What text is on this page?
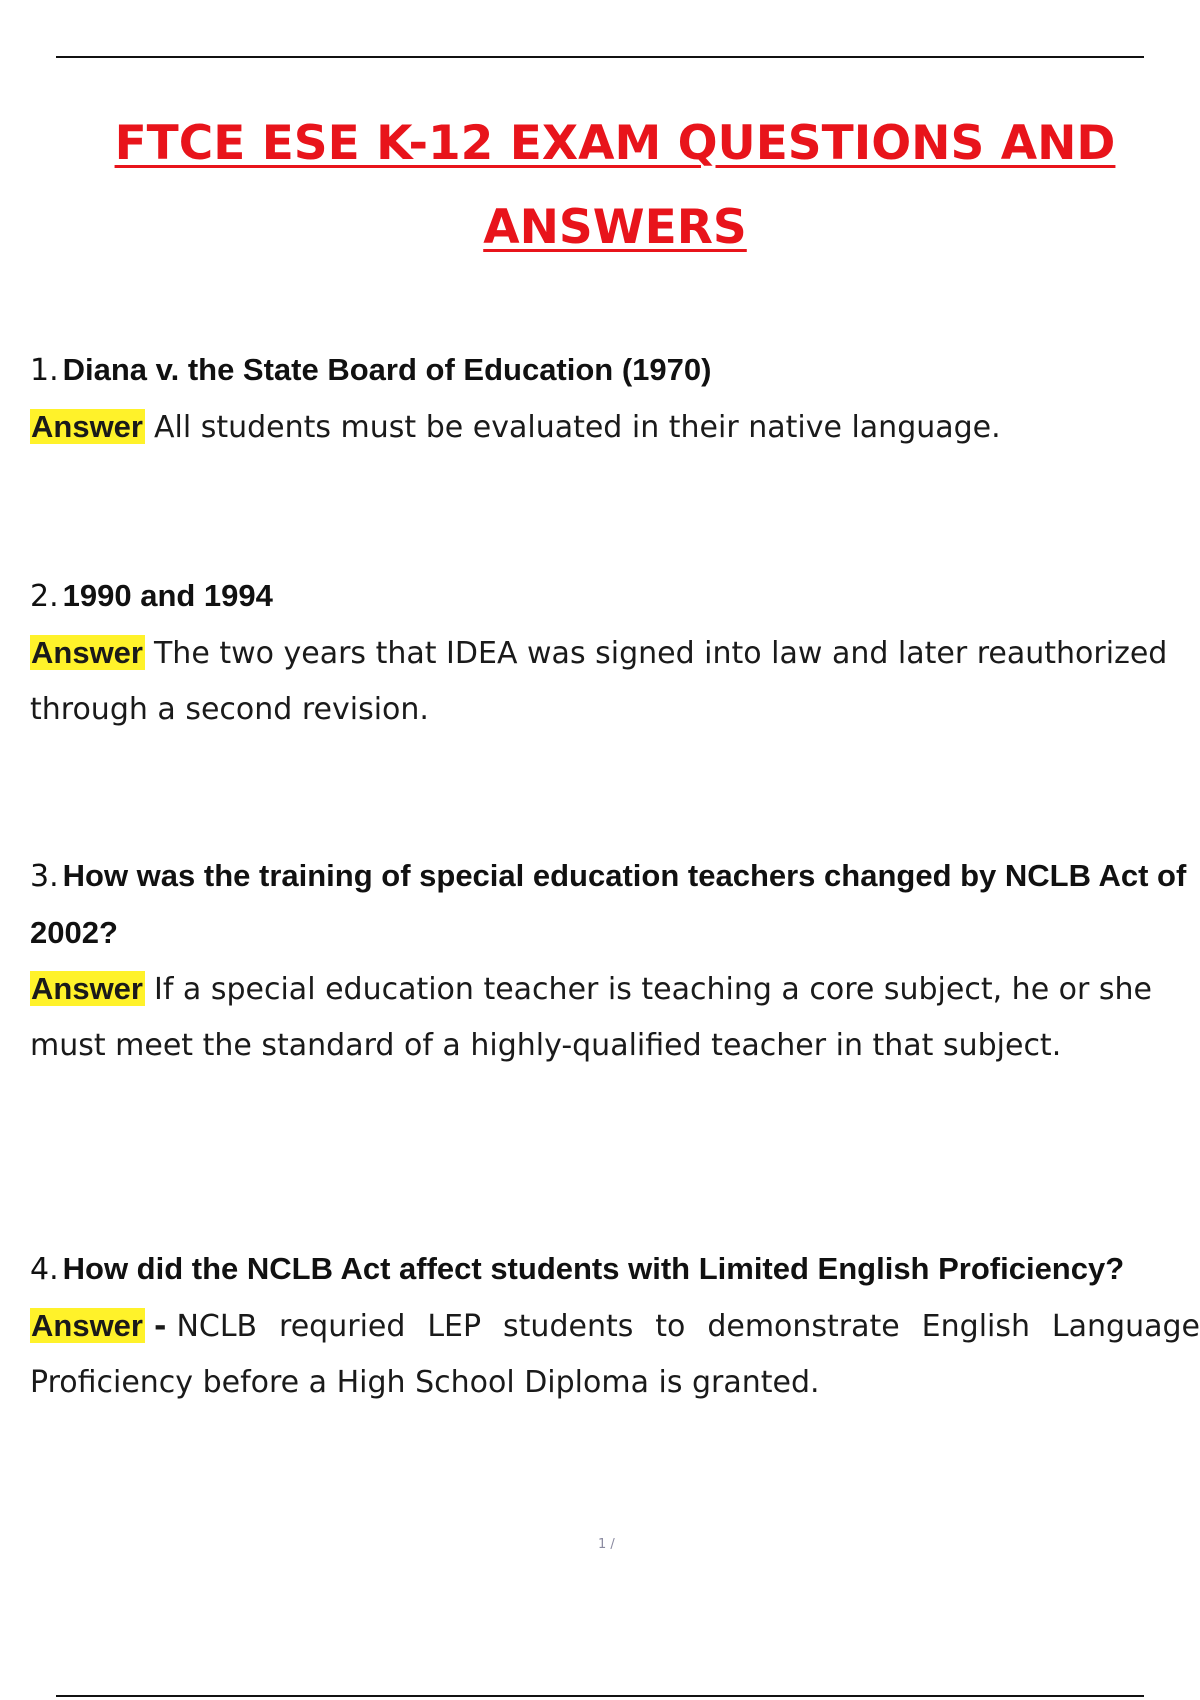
FTCE ESE K-12 EXAM QUESTIONS AND
ANSWERS

1. Diana v. the State Board of Education (1970)

Answer All students must be evaluated in their native language.

2. 1990 and 1994

Answer The two years that IDEA was signed into law and later reauthorized through a second revision.

3. How was the training of special education teachers changed by NCLB Act of 2002?

Answer If a special education teacher is teaching a core subject, he or she must meet the standard of a highly-qualified teacher in that subject.

4. How did the NCLB Act affect students with Limited English Proficiency?

Answer - NCLB requried LEP students to demonstrate English Language Proficiency before a High School Diploma is granted.

1 /
